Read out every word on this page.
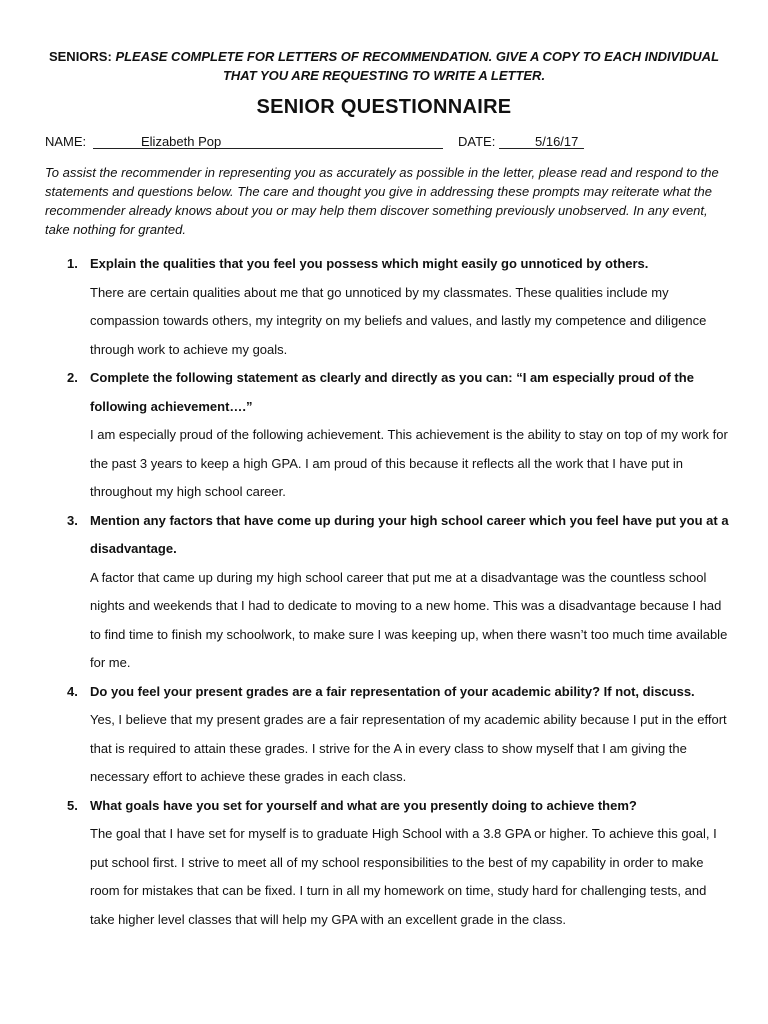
SENIORS: PLEASE COMPLETE FOR LETTERS OF RECOMMENDATION. GIVE A COPY TO EACH INDIVIDUAL THAT YOU ARE REQUESTING TO WRITE A LETTER.
SENIOR QUESTIONNAIRE
NAME:	Elizabeth Pop	DATE:	5/16/17
To assist the recommender in representing you as accurately as possible in the letter, please read and respond to the statements and questions below. The care and thought you give in addressing these prompts may reiterate what the recommender already knows about you or may help them discover something previously unobserved. In any event, take nothing for granted.
1. Explain the qualities that you feel you possess which might easily go unnoticed by others.
There are certain qualities about me that go unnoticed by my classmates. These qualities include my compassion towards others, my integrity on my beliefs and values, and lastly my competence and diligence through work to achieve my goals.
2. Complete the following statement as clearly and directly as you can: “I am especially proud of the following achievement….”
I am especially proud of the following achievement. This achievement is the ability to stay on top of my work for the past 3 years to keep a high GPA. I am proud of this because it reflects all the work that I have put in throughout my high school career.
3. Mention any factors that have come up during your high school career which you feel have put you at a disadvantage.
A factor that came up during my high school career that put me at a disadvantage was the countless school nights and weekends that I had to dedicate to moving to a new home. This was a disadvantage because I had to find time to finish my schoolwork, to make sure I was keeping up, when there wasn’t too much time available for me.
4. Do you feel your present grades are a fair representation of your academic ability? If not, discuss.
Yes, I believe that my present grades are a fair representation of my academic ability because I put in the effort that is required to attain these grades. I strive for the A in every class to show myself that I am giving the necessary effort to achieve these grades in each class.
5. What goals have you set for yourself and what are you presently doing to achieve them?
The goal that I have set for myself is to graduate High School with a 3.8 GPA or higher. To achieve this goal, I put school first. I strive to meet all of my school responsibilities to the best of my capability in order to make room for mistakes that can be fixed. I turn in all my homework on time, study hard for challenging tests, and take higher level classes that will help my GPA with an excellent grade in the class.
